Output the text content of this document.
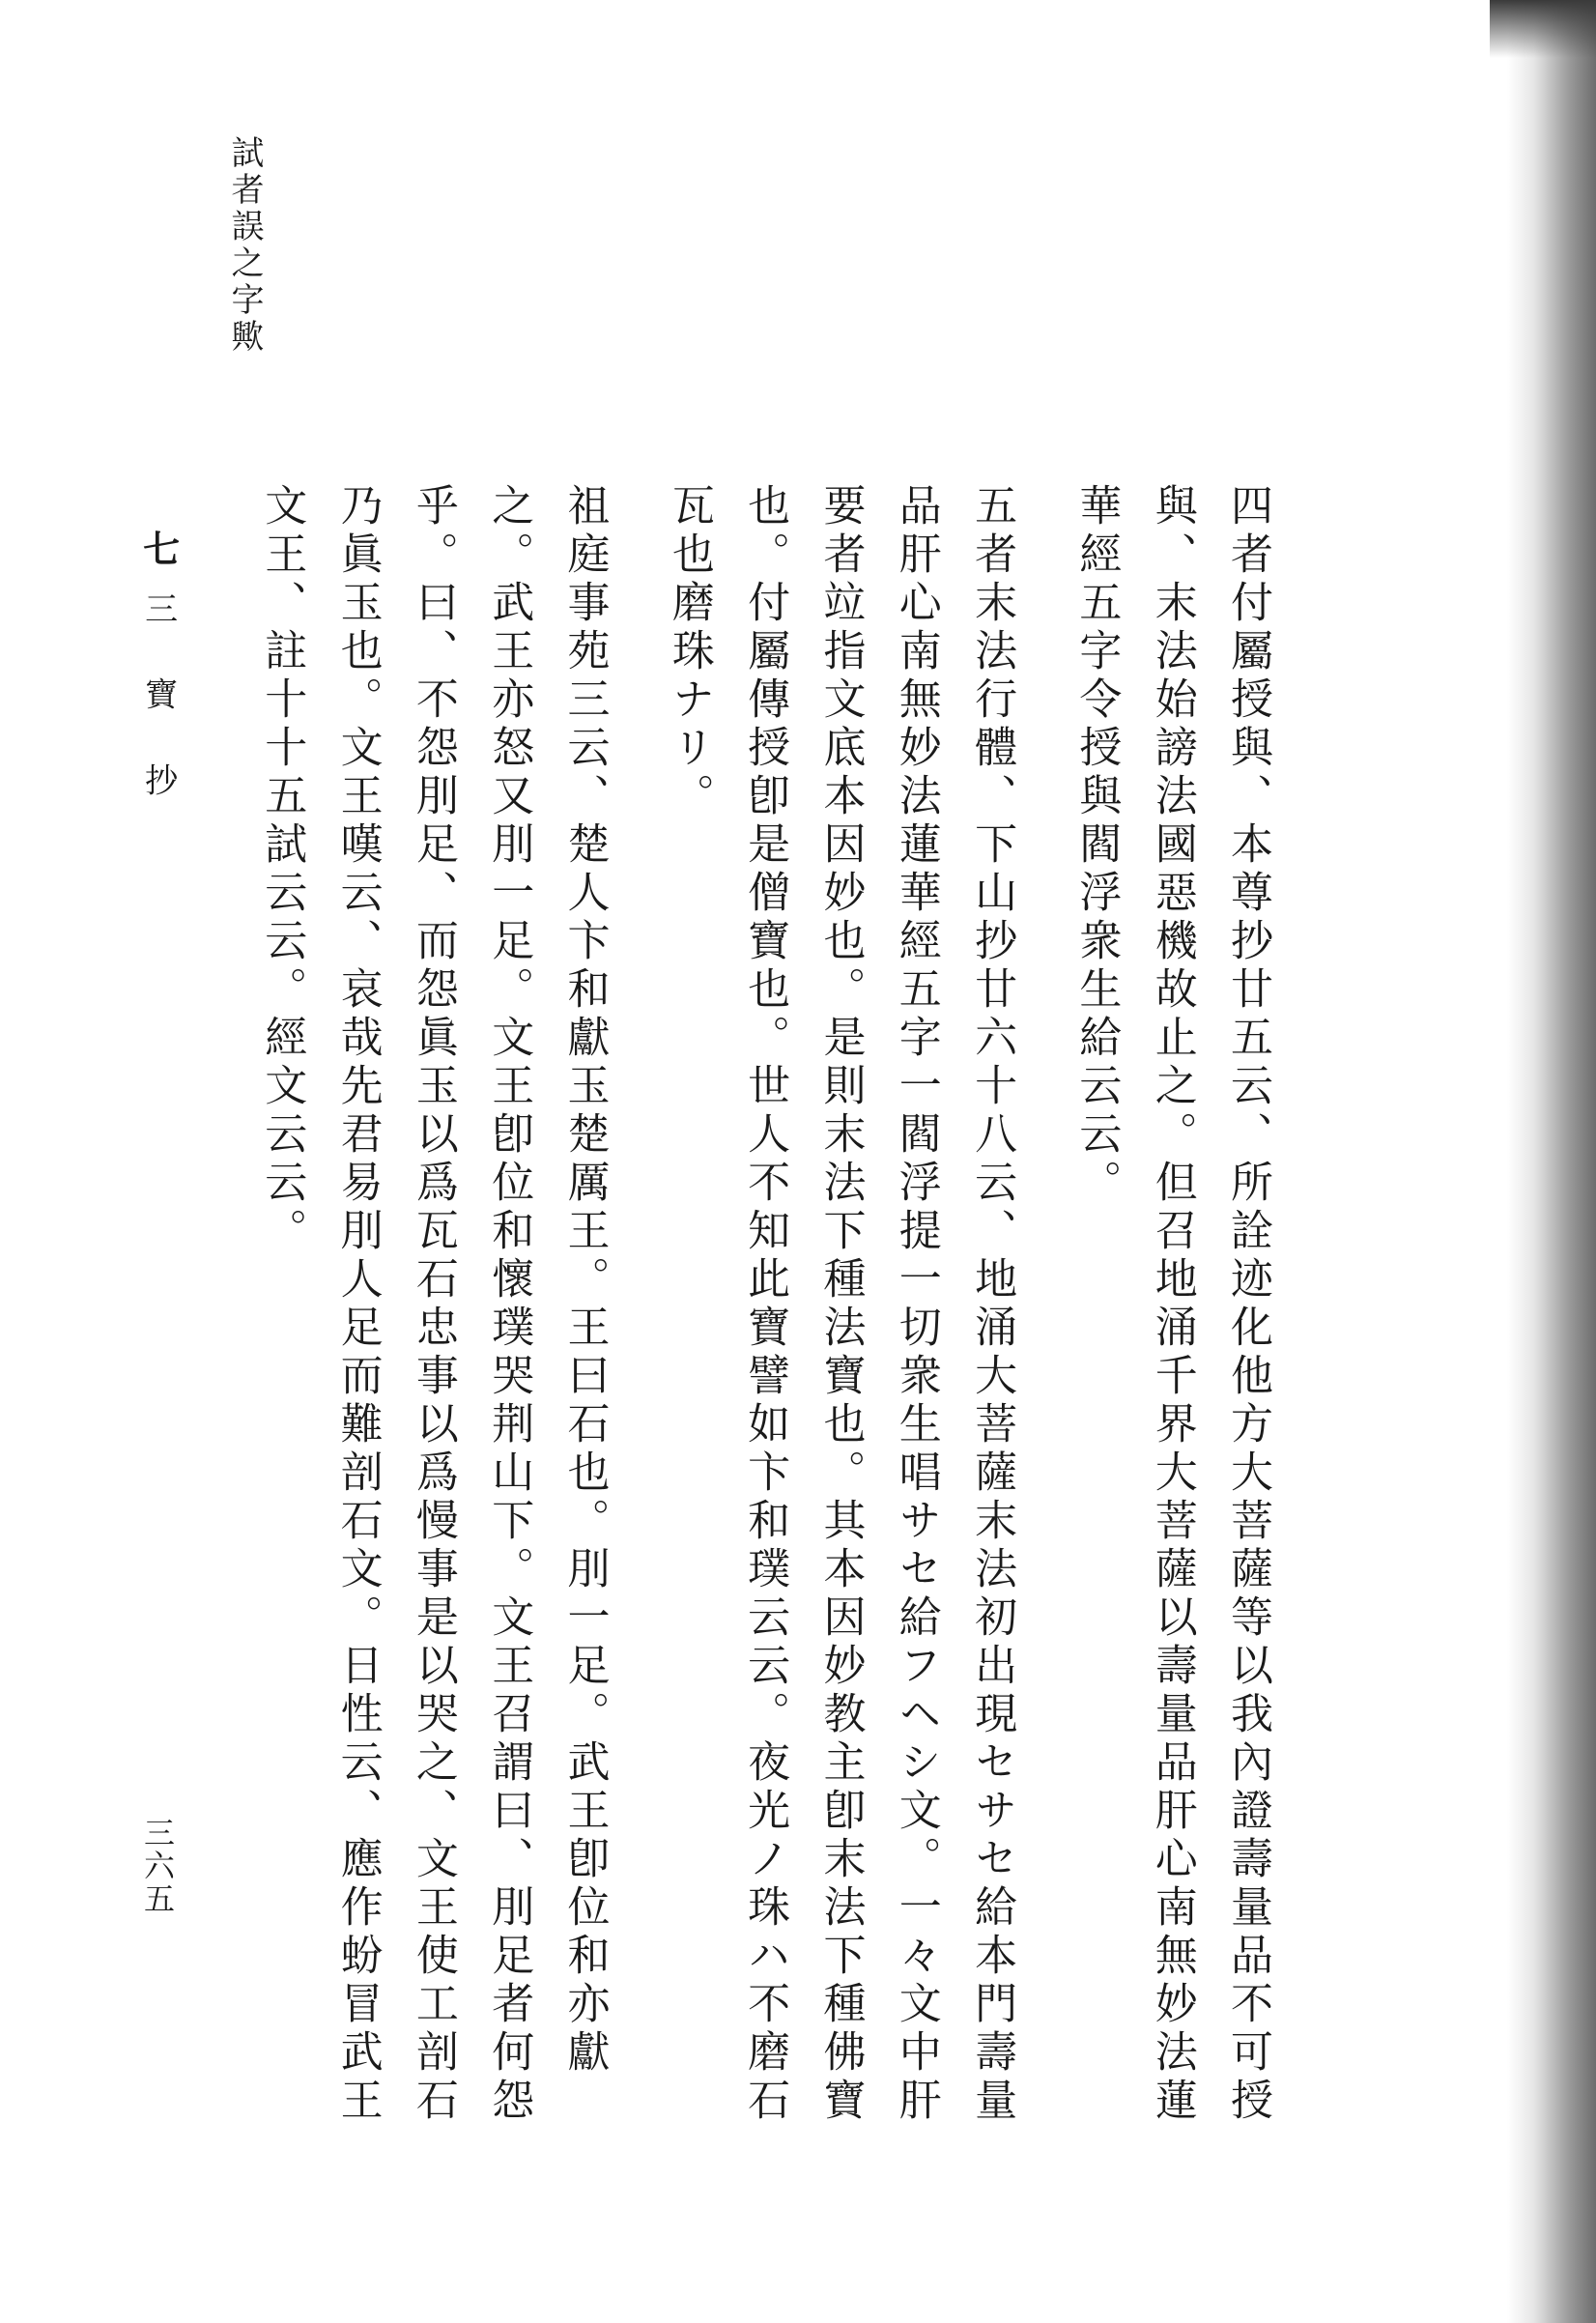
試者誤之字歟
七三 寶 抄
三六五	四者付屬授與、本尊抄廿五云、所詮迹化他方大菩薩等以我內證壽量品不可授與、末法始謗法國惡機故止之。但召地涌千界大菩薩以壽量品肝心南無妙法蓮華經五字令授與閻浮衆生給云云。

五者末法行體、下山抄廿六十八云、地涌大菩薩末法初出現セサセ給本門壽量品肝心南無妙法蓮華經五字一閻浮提一切衆生唱サセ給フヘシ文。一々文中肝要者竝指文底本因妙也。是則末法下種法寶也。其本因妙教主卽末法下種佛寶也。付屬傳授卽是僧寶也。世人不知此寶譬如卞和璞云云。夜光ノ珠ハ不磨石瓦也磨珠ナリ。

祖庭事苑三云、楚人卞和獻玉楚厲王。王曰石也。刖一足。武王卽位和亦獻之。武王亦怒又刖一足。文王卽位和懷璞哭荆山下。文王召謂曰、刖足者何怨乎。曰、不怨刖足、而怨眞玉以爲瓦石忠事以爲慢事是以哭之、文王使工剖石乃眞玉也。文王嘆云、哀哉先君易刖人足而難剖石文。日性云、應作蚡冒武王文王、註十十五試云云。經文云云。
